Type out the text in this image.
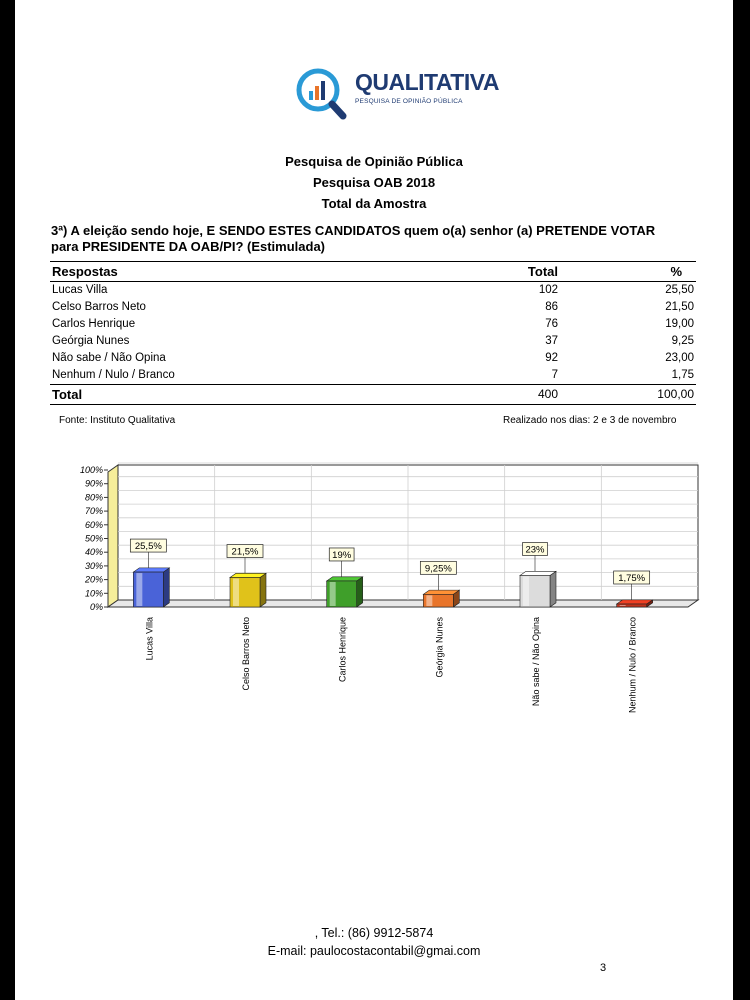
QUALITATIVA
PESQUISA DE OPINIÃO PÚBLICA
Pesquisa de Opinião Pública
Pesquisa OAB 2018
Total da Amostra
3ª) A eleição sendo hoje, E SENDO ESTES CANDIDATOS quem o(a) senhor (a) PRETENDE VOTAR
para PRESIDENTE DA OAB/PI? (Estimulada)
Respostas	Total	%
Lucas Villa	102	25,50
Celso Barros Neto	86	21,50
Carlos Henrique	76	19,00
Geórgia Nunes	37	9,25
Não sabe / Não Opina	92	23,00
Nenhum / Nulo / Branco	7	1,75
Total	400	100,00
Fonte: Instituto Qualitativa	Realizado nos dias: 2 e 3 de novembro
0%
10%
20%
30%
40%
50%
60%
70%
80%
90%
100%
25,5%
Lucas Villa
21,5%
Celso Barros Neto
19%
Carlos Henrique
9,25%
Geórgia Nunes
23%
Não sabe / Não Opina
1,75%
Nenhum / Nulo / Branco
, Tel.: (86) 9912-5874
E-mail: paulocostacontabil@gmai.com
3
